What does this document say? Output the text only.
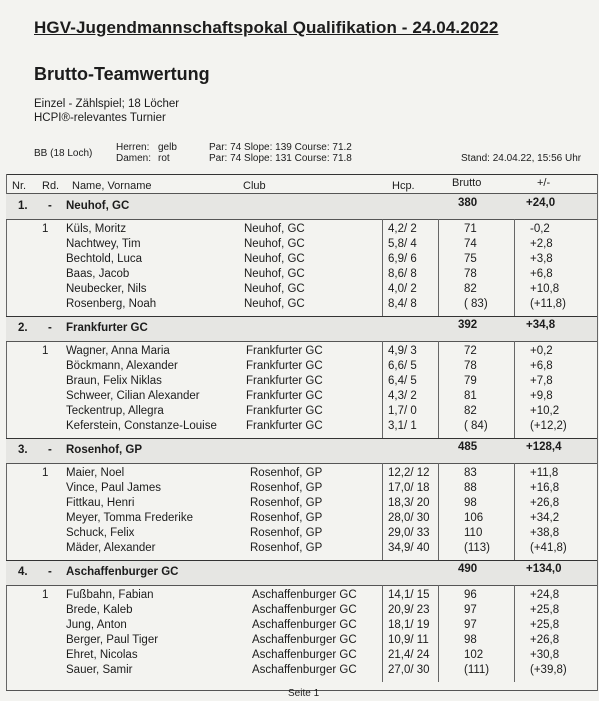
HGV-Jugendmannschaftspokal Qualifikation - 24.04.2022
Brutto-Teamwertung
Einzel - Zählspiel; 18 Löcher
HCPI®-relevantes Turnier
BB (18 Loch)
Herren: gelb
Damen: rot
Par: 74 Slope: 139 Course: 71.2
Par: 74 Slope: 131 Course: 71.8	Stand: 24.04.22, 15:56 Uhr
Nr. Rd. Name, Vorname	Club	Hcp.	Brutto	+/-
1. - Neuhof, GC	380	+24,0
1 Küls, Moritz	Neuhof, GC	4,2/ 2	71	-0,2
Nachtwey, Tim	Neuhof, GC	5,8/ 4	74	+2,8
Bechtold, Luca	Neuhof, GC	6,9/ 6	75	+3,8
Baas, Jacob	Neuhof, GC	8,6/ 8	78	+6,8
Neubecker, Nils	Neuhof, GC	4,0/ 2	82	+10,8
Rosenberg, Noah	Neuhof, GC	8,4/ 8	( 83)	(+11,8)
2. - Frankfurter GC	392	+34,8
1 Wagner, Anna Maria	Frankfurter GC	4,9/ 3	72	+0,2
Böckmann, Alexander	Frankfurter GC	6,6/ 5	78	+6,8
Braun, Felix Niklas	Frankfurter GC	6,4/ 5	79	+7,8
Schweer, Cilian Alexander	Frankfurter GC	4,3/ 2	81	+9,8
Teckentrup, Allegra	Frankfurter GC	1,7/ 0	82	+10,2
Keferstein, Constanze-Louise	Frankfurter GC	3,1/ 1	( 84)	(+12,2)
3. - Rosenhof, GP	485	+128,4
1 Maier, Noel	Rosenhof, GP	12,2/ 12	83	+11,8
Vince, Paul James	Rosenhof, GP	17,0/ 18	88	+16,8
Fittkau, Henri	Rosenhof, GP	18,3/ 20	98	+26,8
Meyer, Tomma Frederike	Rosenhof, GP	28,0/ 30	106	+34,2
Schuck, Felix	Rosenhof, GP	29,0/ 33	110	+38,8
Mäder, Alexander	Rosenhof, GP	34,9/ 40	(113)	(+41,8)
4. - Aschaffenburger GC	490	+134,0
1 Fußbahn, Fabian	Aschaffenburger GC	14,1/ 15	96	+24,8
Brede, Kaleb	Aschaffenburger GC	20,9/ 23	97	+25,8
Jung, Anton	Aschaffenburger GC	18,1/ 19	97	+25,8
Berger, Paul Tiger	Aschaffenburger GC	10,9/ 11	98	+26,8
Ehret, Nicolas	Aschaffenburger GC	21,4/ 24	102	+30,8
Sauer, Samir	Aschaffenburger GC	27,0/ 30	(111)	(+39,8)
Seite 1
